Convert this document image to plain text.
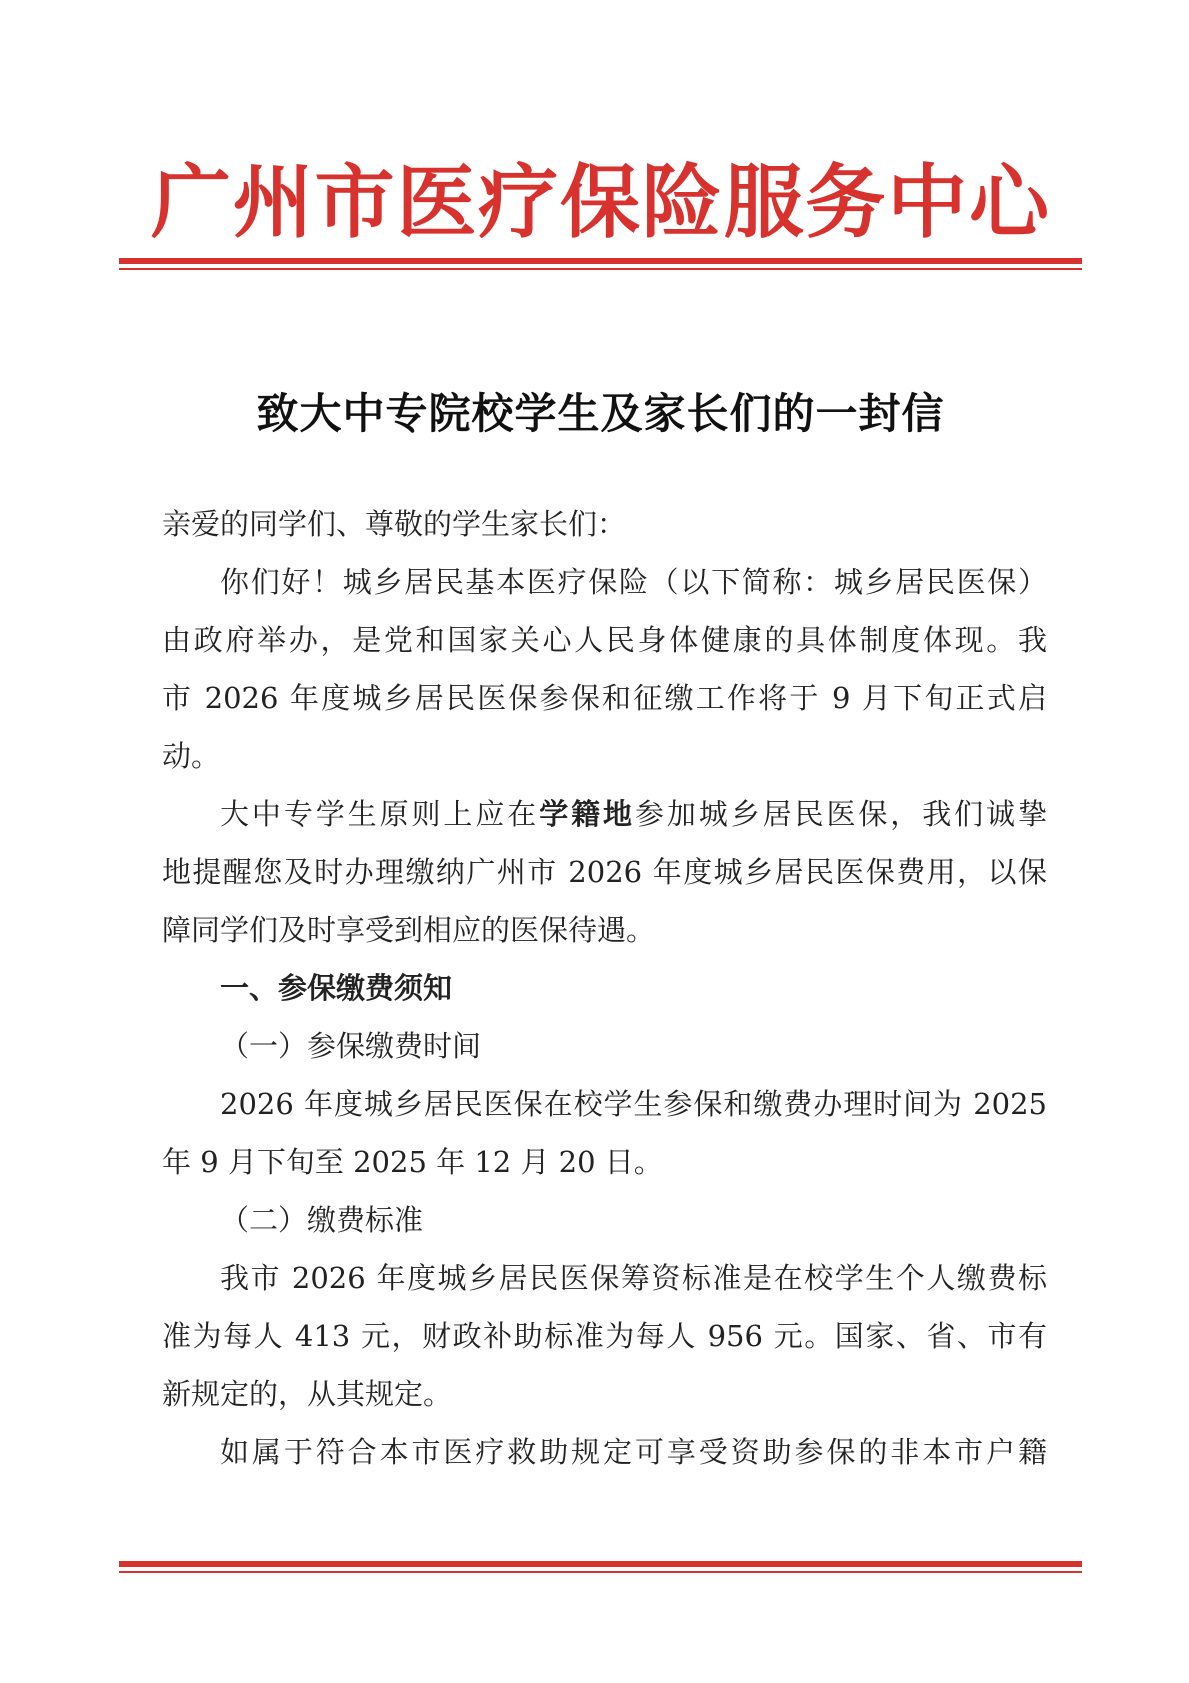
广 州 市 医 疗 保 险 服 务 中 心
致大中专院校学生及家长们的一封信
亲爱的同学们、尊敬的学生家长们：
你们好！城乡居民基本医疗保险（以下简称：城乡居民医保）
由政府举办，是党和国家关心人民身体健康的具体制度体现。我
市 2026 年度城乡居民医保参保和征缴工作将于 9 月下旬正式启
动。
大中专学生原则上应在学籍地参加城乡居民医保，我们诚挚
地提醒您及时办理缴纳广州市 2026 年度城乡居民医保费用，以保
障同学们及时享受到相应的医保待遇。
一、参保缴费须知
（一）参保缴费时间
2026 年度城乡居民医保在校学生参保和缴费办理时间为 2025
年 9 月下旬至 2025 年 12 月 20 日。
（二）缴费标准
我市 2026 年度城乡居民医保筹资标准是在校学生个人缴费标
准为每人 413 元，财政补助标准为每人 956 元。国家、省、市有
新规定的，从其规定。
如属于符合本市医疗救助规定可享受资助参保的非本市户籍
